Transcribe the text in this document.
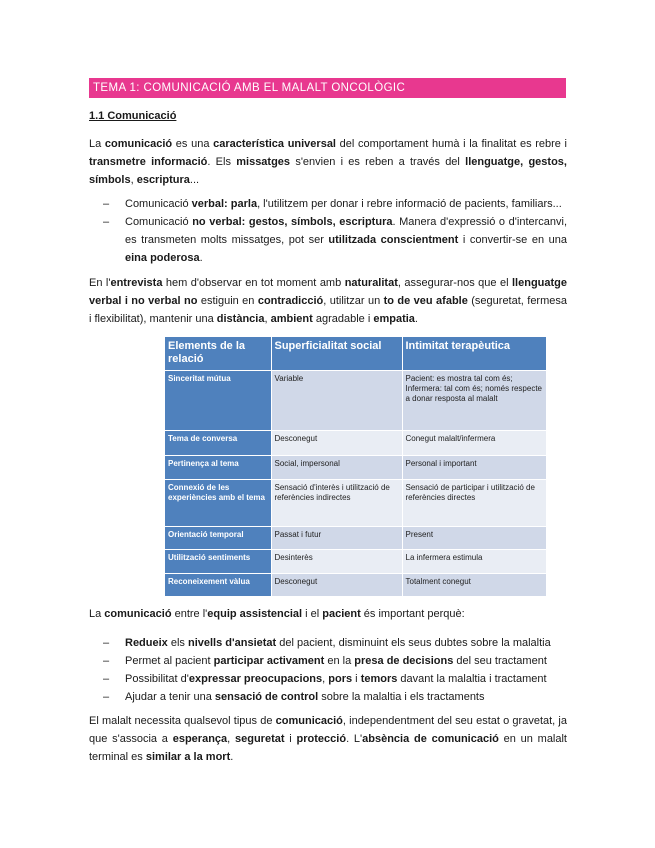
TEMA 1: COMUNICACIÓ AMB EL MALALT ONCOLÒGIC
1.1 Comunicació

La comunicació es una característica universal del comportament humà i la finalitat es rebre i transmetre informació. Els missatges s'envien i es reben a través del llenguatge, gestos, símbols, escriptura...

– Comunicació verbal: parla, l'utilitzem per donar i rebre informació de pacients, familiars...
– Comunicació no verbal: gestos, símbols, escriptura. Manera d'expressió o d'intercanvi, es transmeten molts missatges, pot ser utilitzada conscientment i convertir-se en una eina poderosa.

En l'entrevista hem d'observar en tot moment amb naturalitat, assegurar-nos que el llenguatge verbal i no verbal no estiguin en contradicció, utilitzar un to de veu afable (seguretat, fermesa i flexibilitat), mantenir una distància, ambient agradable i empatia.

Elements de la relació	Superficialitat social	Intimitat terapèutica
Sinceritat mútua	Variable	Pacient: es mostra tal com és; Infermera: tal com és; només respecte a donar resposta al malalt
Tema de conversa	Desconegut	Conegut malalt/infermera
Pertinença al tema	Social, impersonal	Personal i important
Connexió de les experiències amb el tema	Sensació d'interès i utilització de referències indirectes	Sensació de participar i utilització de referències directes
Orientació temporal	Passat i futur	Present
Utilització sentiments	Desinterès	La infermera estimula
Reconeixement vàlua	Desconegut	Totalment conegut

La comunicació entre l'equip assistencial i el pacient és important perquè:

– Redueix els nivells d'ansietat del pacient, disminuint els seus dubtes sobre la malaltia
– Permet al pacient participar activament en la presa de decisions del seu tractament
– Possibilitat d'expressar preocupacions, pors i temors davant la malaltia i tractament
– Ajudar a tenir una sensació de control sobre la malaltia i els tractaments

El malalt necessita qualsevol tipus de comunicació, independentment del seu estat o gravetat, ja que s'associa a esperança, seguretat i protecció. L'absència de comunicació en un malalt terminal es similar a la mort.
